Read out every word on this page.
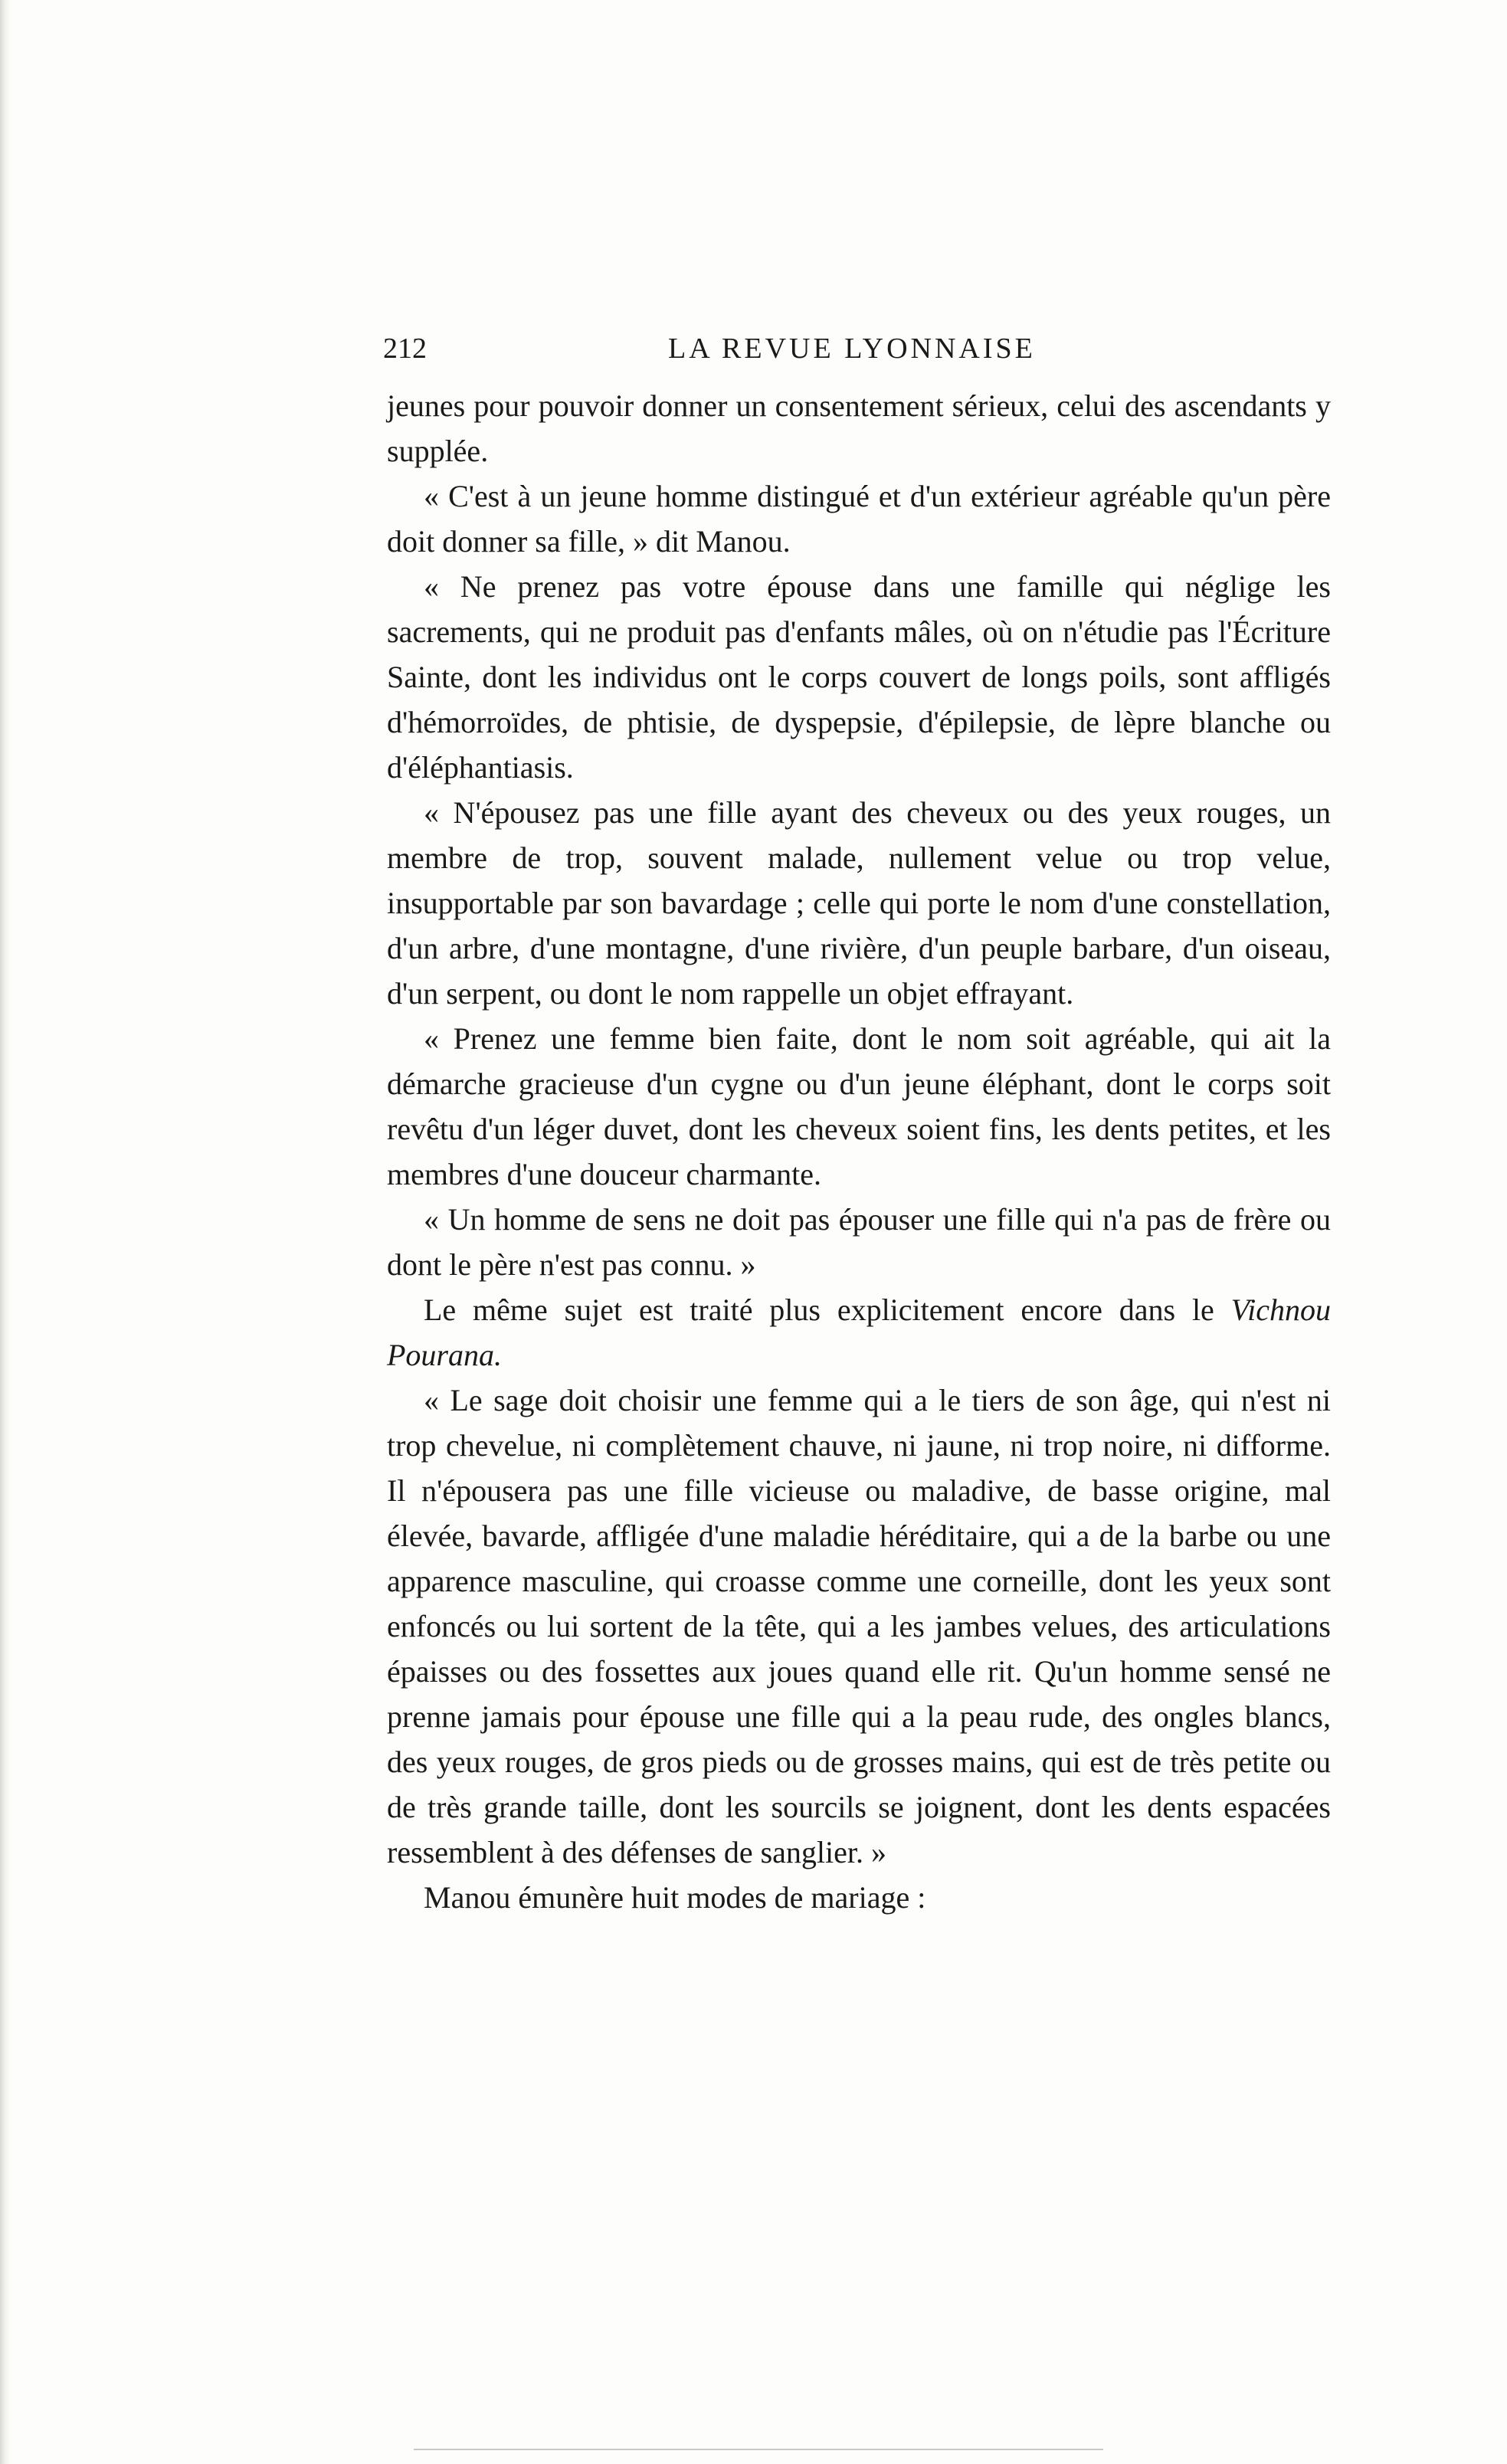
212	LA REVUE LYONNAISE

jeunes pour pouvoir donner un consentement sérieux, celui des ascendants y supplée.

« C'est à un jeune homme distingué et d'un extérieur agréable qu'un père doit donner sa fille, » dit Manou.

« Ne prenez pas votre épouse dans une famille qui néglige les sacrements, qui ne produit pas d'enfants mâles, où on n'étudie pas l'Écriture Sainte, dont les individus ont le corps couvert de longs poils, sont affligés d'hémorroïdes, de phtisie, de dyspepsie, d'épilepsie, de lèpre blanche ou d'éléphantiasis.

« N'épousez pas une fille ayant des cheveux ou des yeux rouges, un membre de trop, souvent malade, nullement velue ou trop velue, insupportable par son bavardage ; celle qui porte le nom d'une constellation, d'un arbre, d'une montagne, d'une rivière, d'un peuple barbare, d'un oiseau, d'un serpent, ou dont le nom rappelle un objet effrayant.

« Prenez une femme bien faite, dont le nom soit agréable, qui ait la démarche gracieuse d'un cygne ou d'un jeune éléphant, dont le corps soit revêtu d'un léger duvet, dont les cheveux soient fins, les dents petites, et les membres d'une douceur charmante.

« Un homme de sens ne doit pas épouser une fille qui n'a pas de frère ou dont le père n'est pas connu. »

Le même sujet est traité plus explicitement encore dans le Vichnou Pourana.

« Le sage doit choisir une femme qui a le tiers de son âge, qui n'est ni trop chevelue, ni complètement chauve, ni jaune, ni trop noire, ni difforme. Il n'épousera pas une fille vicieuse ou maladive, de basse origine, mal élevée, bavarde, affligée d'une maladie héréditaire, qui a de la barbe ou une apparence masculine, qui croasse comme une corneille, dont les yeux sont enfoncés ou lui sortent de la tête, qui a les jambes velues, des articulations épaisses ou des fossettes aux joues quand elle rit. Qu'un homme sensé ne prenne jamais pour épouse une fille qui a la peau rude, des ongles blancs, des yeux rouges, de gros pieds ou de grosses mains, qui est de très petite ou de très grande taille, dont les sourcils se joignent, dont les dents espacées ressemblent à des défenses de sanglier. »

Manou émunère huit modes de mariage :
